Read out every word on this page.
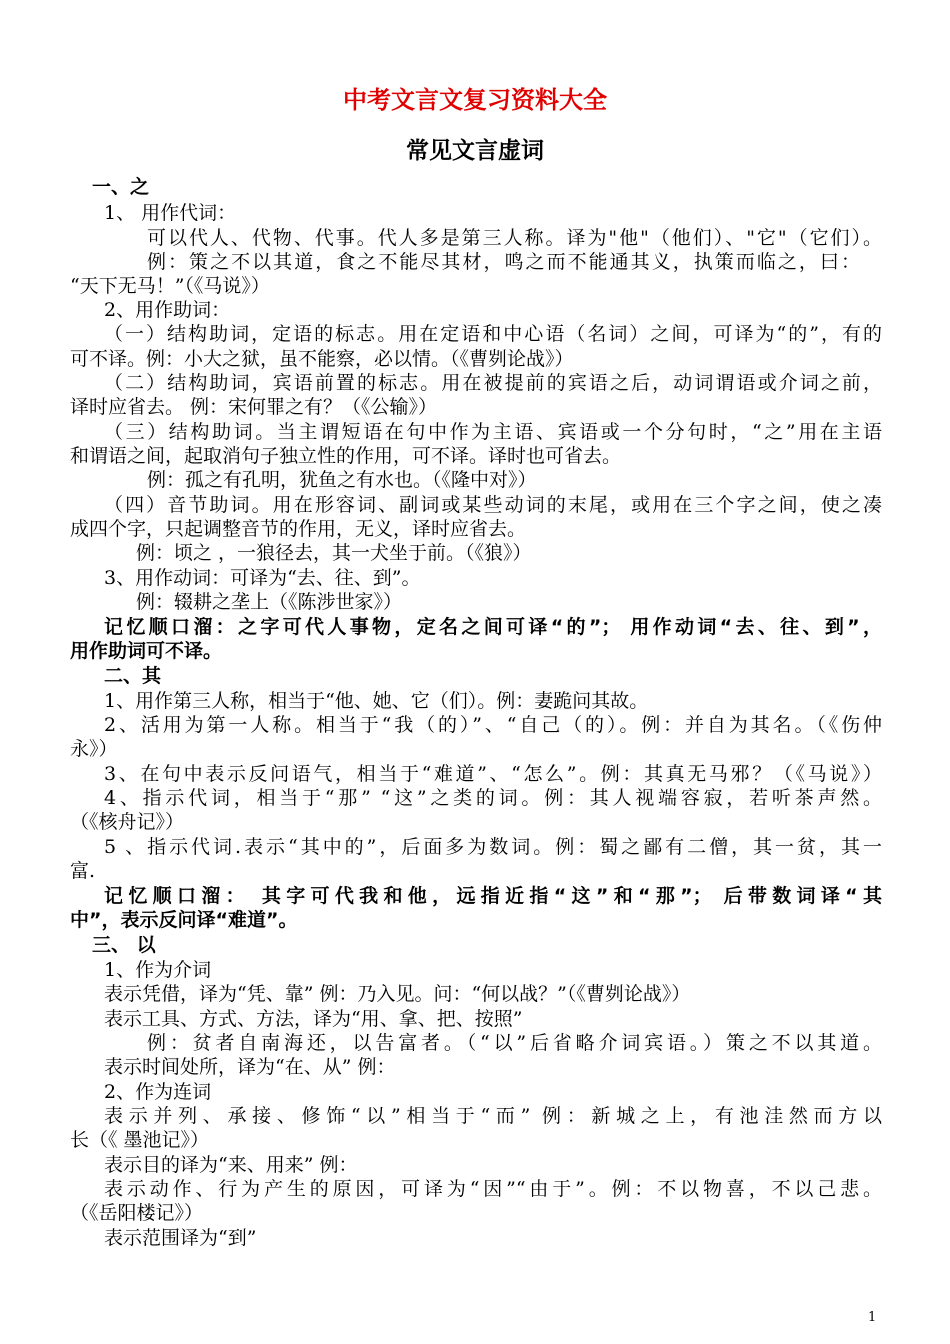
中考文言文复习资料大全
常见文言虚词
一、之
1、 用作代词：
可以代人、代物、代事。代人多是第三人称。译为"他"（他们）、"它"（它们）。
例：策之不以其道，食之不能尽其材，鸣之而不能通其义，执策而临之，曰：
“天下无马！”（《马说》）
2、用作助词：
（一）结构助词，定语的标志。用在定语和中心语（名词）之间，可译为“的”，有的
可不译。例：小大之狱，虽不能察，必以情。（《曹刿论战》）
（二）结构助词，宾语前置的标志。用在被提前的宾语之后，动词谓语或介词之前，
译时应省去。 例：宋何罪之有？（《公输》）
（三）结构助词。当主谓短语在句中作为主语、宾语或一个分句时，“之”用在主语
和谓语之间，起取消句子独立性的作用，可不译。译时也可省去。
例：孤之有孔明，犹鱼之有水也。（《隆中对》）
（四）音节助词。用在形容词、副词或某些动词的末尾，或用在三个字之间，使之凑
成四个字，只起调整音节的作用，无义，译时应省去。
例：顷之 ，一狼径去，其一犬坐于前。（《狼》）
3、用作动词：可译为“去、往、到”。
例：辍耕之垄上（《陈涉世家》）
记忆顺口溜：之字可代人事物，定名之间可译“的”； 用作动词“去、往、到”，
用作助词可不译。
二、其
1、用作第三人称，相当于“他、她、它（们）。例：妻跪问其故。
2、活用为第一人称。相当于“我（的）”、“自己（的）。例：并自为其名。（《伤仲
永》）
3、在句中表示反问语气，相当于“难道”、“怎么”。例：其真无马邪？（《马说》）
4、指示代词，相当于“那” “这”之类的词。例：其人视端容寂，若听茶声然。
（《核舟记》）
5 、指示代词.表示“其中的”，后面多为数词。例：蜀之鄙有二僧，其一贫，其一
富.
记忆顺口溜： 其字可代我和他，远指近指“这”和“那”； 后带数词译“其
中”，表示反问译“难道”。
三、 以
1、作为介词
表示凭借，译为“凭、靠” 例：乃入见。问：“何以战？”（《曹刿论战》）
表示工具、方式、方法，译为“用、拿、把、按照”
例：贫者自南海还，以告富者。（“以”后省略介词宾语。）策之不以其道。
表示时间处所，译为“在、从” 例：
2、作为连词
表示并列、承接、修饰“以”相当于“而” 例：新城之上，有池洼然而方以
长（《 墨池记》）
表示目的译为“来、用来” 例：
表示动作、行为产生的原因，可译为“因”“由于”。例：不以物喜，不以己悲。
（《岳阳楼记》）
表示范围译为“到”
1
